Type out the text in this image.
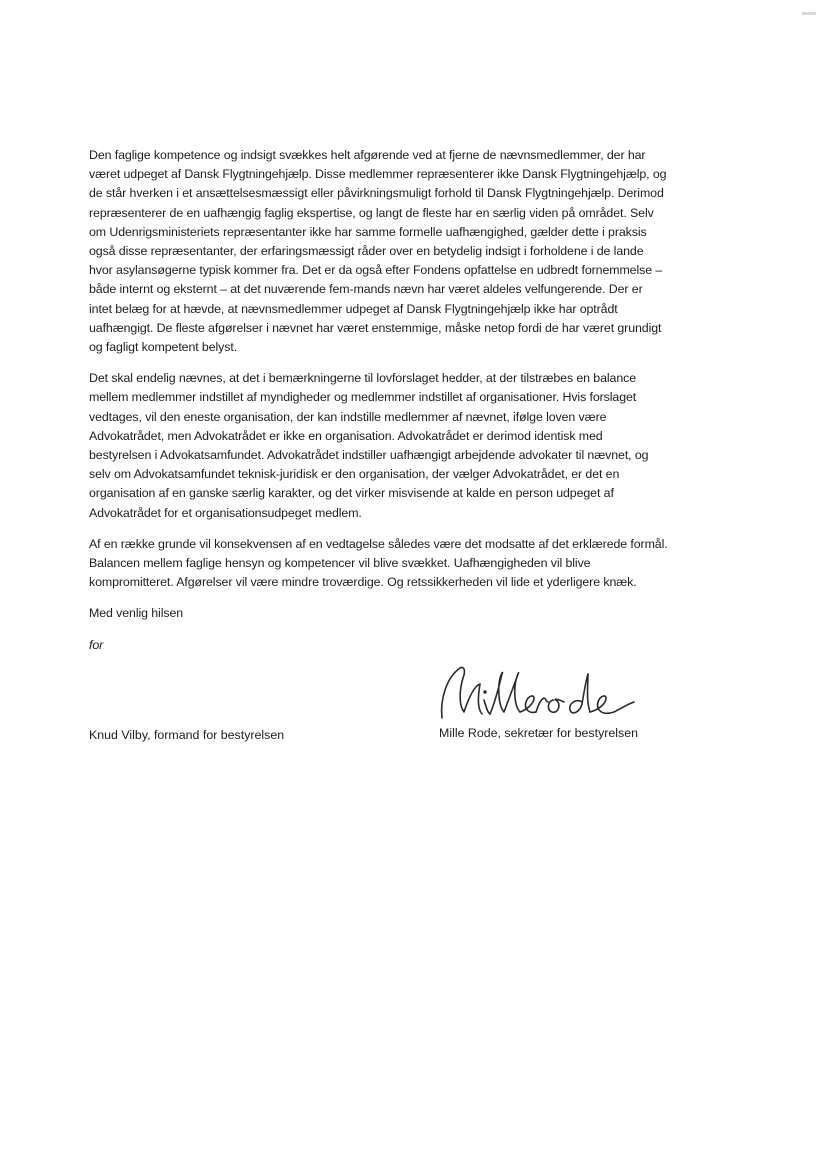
Den faglige kompetence og indsigt svækkes helt afgørende ved at fjerne de nævnsmedlemmer, der har
været udpeget af Dansk Flygtningehjælp. Disse medlemmer repræsenterer ikke Dansk Flygtningehjælp, og
de står hverken i et ansættelsesmæssigt eller påvirkningsmuligt forhold til Dansk Flygtningehjælp. Derimod
repræsenterer de en uafhængig faglig ekspertise, og langt de fleste har en særlig viden på området. Selv
om Udenrigsministeriets repræsentanter ikke har samme formelle uafhængighed, gælder dette i praksis
også disse repræsentanter, der erfaringsmæssigt råder over en betydelig indsigt i forholdene i de lande
hvor asylansøgerne typisk kommer fra. Det er da også efter Fondens opfattelse en udbredt fornemmelse –
både internt og eksternt – at det nuværende fem-mands nævn har været aldeles velfungerende. Der er
intet belæg for at hævde, at nævnsmedlemmer udpeget af Dansk Flygtningehjælp ikke har optrådt
uafhængigt. De fleste afgørelser i nævnet har været enstemmige, måske netop fordi de har været grundigt
og fagligt kompetent belyst.

Det skal endelig nævnes, at det i bemærkningerne til lovforslaget hedder, at der tilstræbes en balance
mellem medlemmer indstillet af myndigheder og medlemmer indstillet af organisationer. Hvis forslaget
vedtages, vil den eneste organisation, der kan indstille medlemmer af nævnet, ifølge loven være
Advokatrådet, men Advokatrådet er ikke en organisation. Advokatrådet er derimod identisk med
bestyrelsen i Advokatsamfundet. Advokatrådet indstiller uafhængigt arbejdende advokater til nævnet, og
selv om Advokatsamfundet teknisk-juridisk er den organisation, der vælger Advokatrådet, er det en
organisation af en ganske særlig karakter, og det virker misvisende at kalde en person udpeget af
Advokatrådet for et organisationsudpeget medlem.

Af en række grunde vil konsekvensen af en vedtagelse således være det modsatte af det erklærede formål.
Balancen mellem faglige hensyn og kompetencer vil blive svækket. Uafhængigheden vil blive
kompromitteret. Afgørelser vil være mindre troværdige. Og retssikkerheden vil lide et yderligere knæk.

Med venlig hilsen

for

Knud Vilby, formand for bestyrelsen	Mille Rode, sekretær for bestyrelsen
